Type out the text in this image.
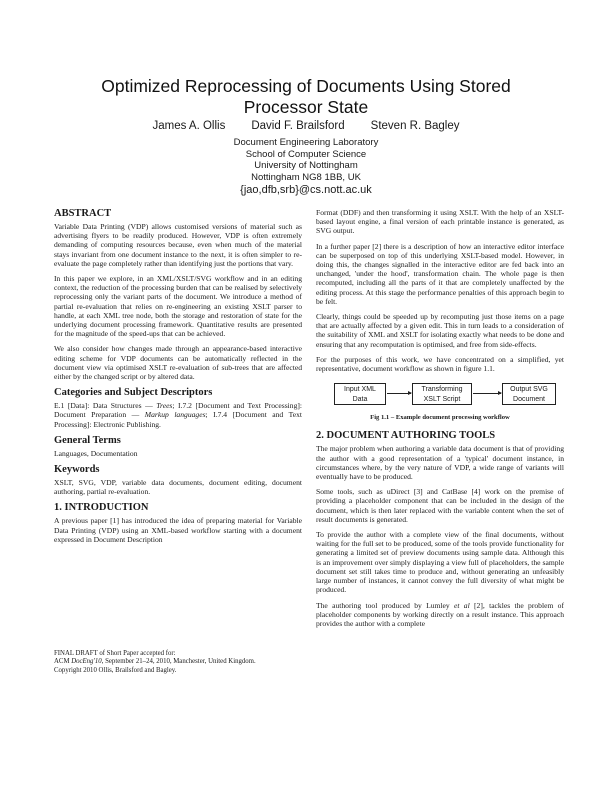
Optimized Reprocessing of Documents Using Stored
Processor State
James A. Ollis David F. Brailsford Steven R. Bagley
Document Engineering Laboratory
School of Computer Science
University of Nottingham
Nottingham NG8 1BB, UK
{jao,dfb,srb}@cs.nott.ac.uk
ABSTRACT

Variable Data Printing (VDP) allows customised versions of material such as advertising flyers to be readily produced. However, VDP is often extremely demanding of computing resources because, even when much of the material stays invariant from one document instance to the next, it is often simpler to re-evaluate the page completely rather than identifying just the portions that vary.

In this paper we explore, in an XML/XSLT/SVG workflow and in an editing context, the reduction of the processing burden that can be realised by selectively reprocessing only the variant parts of the document. We introduce a method of partial re-evaluation that relies on re-engineering an existing XSLT parser to handle, at each XML tree node, both the storage and restoration of state for the underlying document processing framework. Quantitative results are presented for the magnitude of the speed-ups that can be achieved.

We also consider how changes made through an appearance-based interactive editing scheme for VDP documents can be automatically reflected in the document view via optimised XSLT re-evaluation of sub-trees that are affected either by the changed script or by altered data.

Categories and Subject Descriptors

E.1 [Data]: Data Structures — Trees; I.7.2 [Document and Text Processing]: Document Preparation — Markup languages; I.7.4 [Document and Text Processing]: Electronic Publishing.

General Terms

Languages, Documentation

Keywords

XSLT, SVG, VDP, variable data documents, document editing, document authoring, partial re-evaluation.

1. INTRODUCTION

A previous paper [1] has introduced the idea of preparing material for Variable Data Printing (VDP) using an XML-based workflow starting with a document expressed in Document Description

FINAL DRAFT of Short Paper accepted for:
ACM DocEng'10, September 21–24, 2010, Manchester, United Kingdom.
Copyright 2010 Ollis, Brailsford and Bagley.

Format (DDF) and then transforming it using XSLT. With the help of an XSLT-based layout engine, a final version of each printable instance is generated, as SVG output.

In a further paper [2] there is a description of how an interactive editor interface can be superposed on top of this underlying XSLT-based model. However, in doing this, the changes signalled in the interactive editor are fed back into an unchanged, 'under the hood', transformation chain. The whole page is then recomputed, including all the parts of it that are completely unaffected by the editing process. At this stage the performance penalties of this approach begin to be felt.

Clearly, things could be speeded up by recomputing just those items on a page that are actually affected by a given edit. This in turn leads to a consideration of the suitability of XML and XSLT for isolating exactly what needs to be done and ensuring that any recomputation is optimised, and free from side-effects.

For the purposes of this work, we have concentrated on a simplified, yet representative, document workflow as shown in figure 1.1.

Input XML
Data
Transforming
XSLT Script
Output SVG
Document
Fig 1.1 – Example document processing workflow
2. DOCUMENT AUTHORING TOOLS

The major problem when authoring a variable data document is that of providing the author with a good representation of a 'typical' document instance, in circumstances where, by the very nature of VDP, a wide range of variants will eventually have to be produced.

Some tools, such as uDirect [3] and CatBase [4] work on the premise of providing a placeholder component that can be included in the design of the document, which is then later replaced with the variable content when the set of result documents is generated.

To provide the author with a complete view of the final documents, without waiting for the full set to be produced, some of the tools provide functionality for generating a limited set of preview documents using sample data. Although this is an improvement over simply displaying a view full of placeholders, the sample document set still takes time to produce and, without generating an unfeasibly large number of instances, it cannot convey the full diversity of what might be produced.

The authoring tool produced by Lumley et al [2], tackles the problem of placeholder components by working directly on a result instance. This approach provides the author with a complete
